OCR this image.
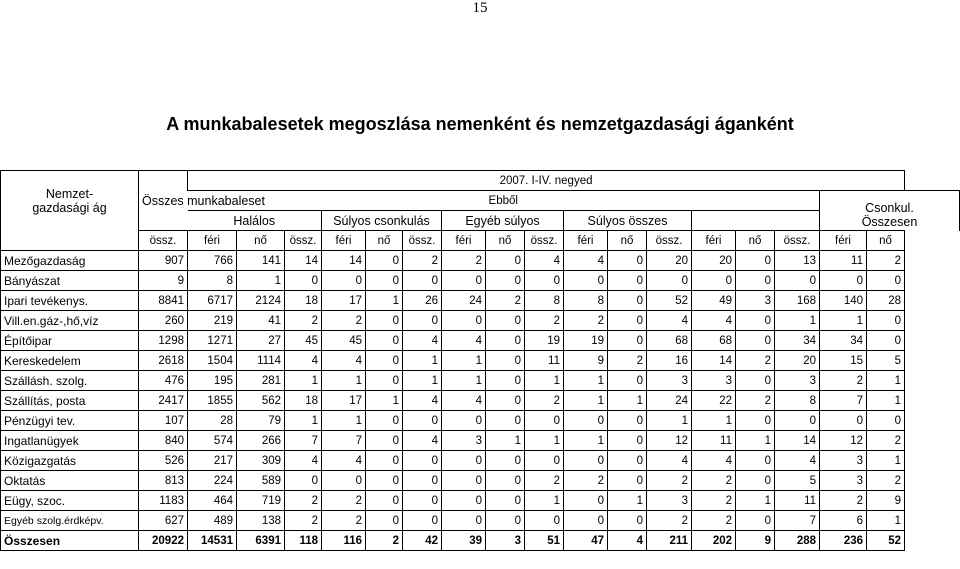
15
A munkabalesetek megoszlása nemenként és nemzetgazdasági áganként
Nemzet-
gazdasági ág	Összes munkabaleset	2007. I-IV. negyed																
		Ebből															Csonkul.
Összesen	
		Halálos			Súlyos csonkulás			Egyéb súlyos			Súlyos összes							
	össz.	féri	nő	össz.	féri	nő	össz.	féri	nő	össz.	féri	nő	össz.	féri	nő	össz.	féri	nő
Mezőgazdaság	907	766	141	14	14	0	2	2	0	4	4	0	20	20	0	13	11	2
Bányászat	9	8	1	0	0	0	0	0	0	0	0	0	0	0	0	0	0	0
Ipari tevékenys.	8841	6717	2124	18	17	1	26	24	2	8	8	0	52	49	3	168	140	28
Vill.en.gáz-,hő,víz	260	219	41	2	2	0	0	0	0	2	2	0	4	4	0	1	1	0
Építőipar	1298	1271	27	45	45	0	4	4	0	19	19	0	68	68	0	34	34	0
Kereskedelem	2618	1504	1114	4	4	0	1	1	0	11	9	2	16	14	2	20	15	5
Szállásh. szolg.	476	195	281	1	1	0	1	1	0	1	1	0	3	3	0	3	2	1
Szállítás, posta	2417	1855	562	18	17	1	4	4	0	2	1	1	24	22	2	8	7	1
Pénzügyi tev.	107	28	79	1	1	0	0	0	0	0	0	0	1	1	0	0	0	0
Ingatlanügyek	840	574	266	7	7	0	4	3	1	1	1	0	12	11	1	14	12	2
Közigazgatás	526	217	309	4	4	0	0	0	0	0	0	0	4	4	0	4	3	1
Oktatás	813	224	589	0	0	0	0	0	0	2	2	0	2	2	0	5	3	2
Eügy, szoc.	1183	464	719	2	2	0	0	0	0	1	0	1	3	2	1	11	2	9
Egyéb szolg.érdképv.	627	489	138	2	2	0	0	0	0	0	0	0	2	2	0	7	6	1
Összesen	20922	14531	6391	118	116	2	42	39	3	51	47	4	211	202	9	288	236	52
